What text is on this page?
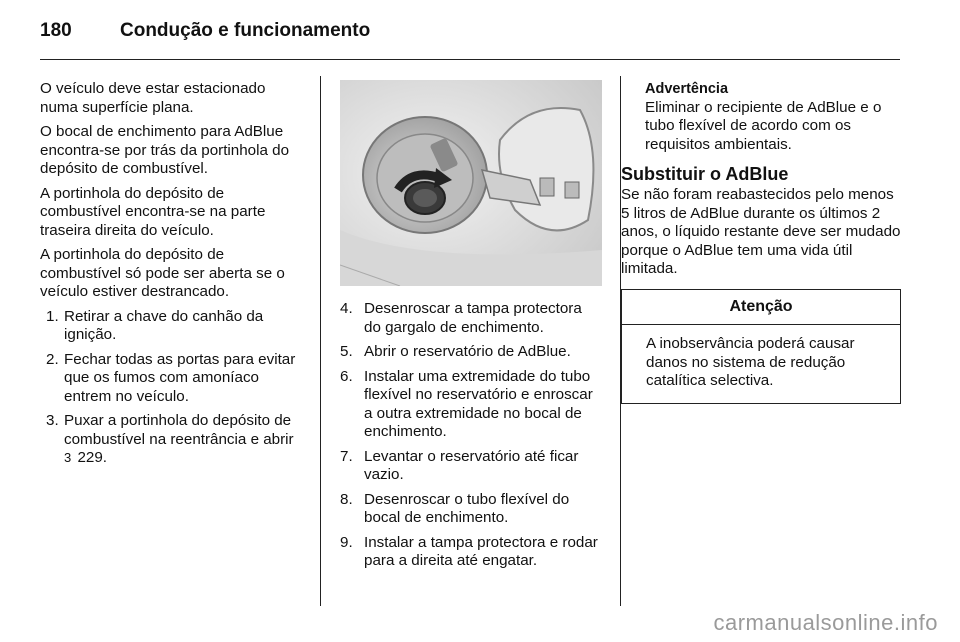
180	Condução e funcionamento

O veículo deve estar estacionado numa superfície plana.

O bocal de enchimento para AdBlue encontra-se por trás da portinhola do depósito de combustível.

A portinhola do depósito de combustível encontra-se na parte traseira direita do veículo.

A portinhola do depósito de combustível só pode ser aberta se o veículo estiver destrancado.

1. Retirar a chave do canhão da ignição.
2. Fechar todas as portas para evitar que os fumos com amoníaco entrem no veículo.
3. Puxar a portinhola do depósito de combustível na reentrância e abrir
3 229.
4. Desenroscar a tampa protectora do gargalo de enchimento.
5. Abrir o reservatório de AdBlue.
6. Instalar uma extremidade do tubo flexível no reservatório e enroscar a outra extremidade no bocal de enchimento.
7. Levantar o reservatório até ficar vazio.
8. Desenroscar o tubo flexível do bocal de enchimento.
9. Instalar a tampa protectora e rodar para a direita até engatar.
Advertência
Eliminar o recipiente de AdBlue e o tubo flexível de acordo com os requisitos ambientais.
Substituir o AdBlue

Se não foram reabastecidos pelo menos 5 litros de AdBlue durante os últimos 2 anos, o líquido restante deve ser mudado porque o AdBlue tem uma vida útil limitada.

Atenção
A inobservância poderá causar danos no sistema de redução catalítica selectiva.
carmanualsonline.info
